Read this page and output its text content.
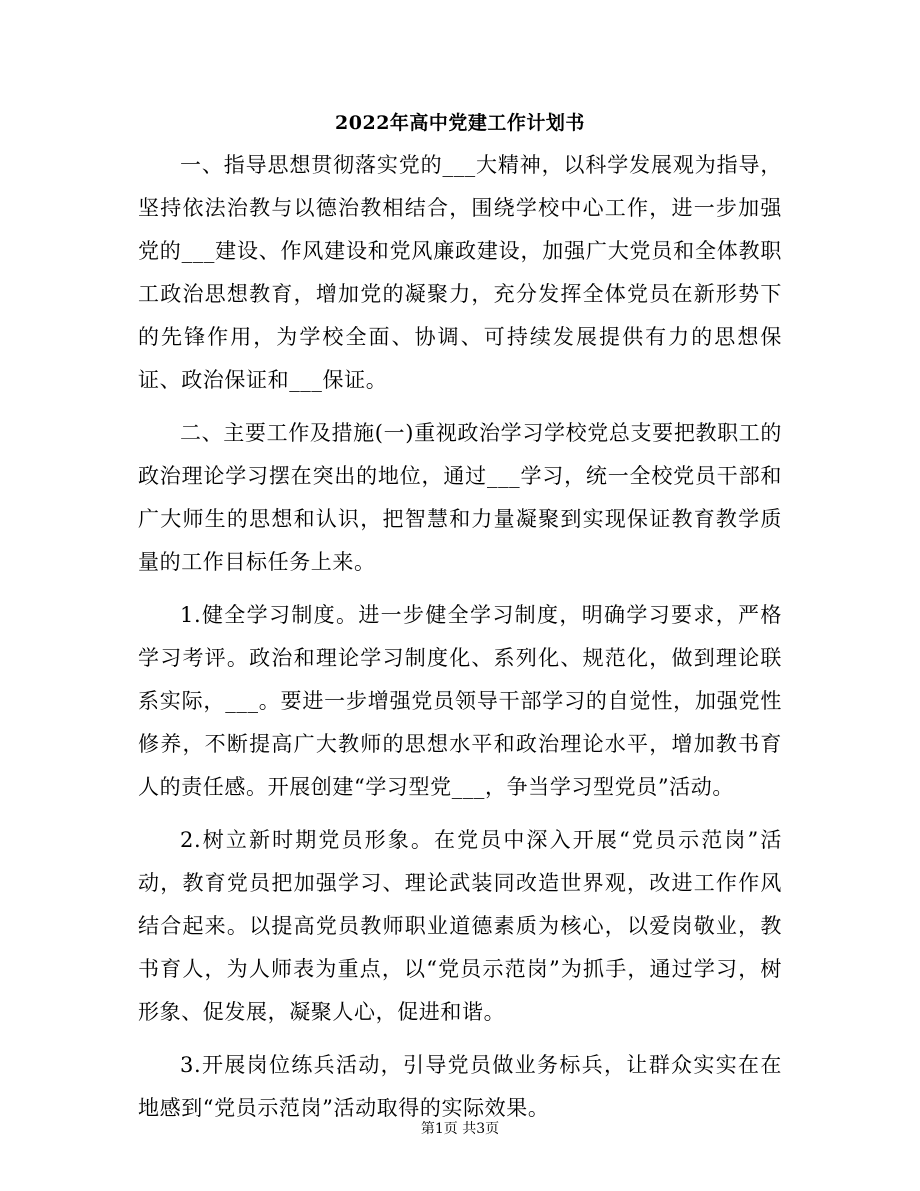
2022年高中党建工作计划书

一、指导思想贯彻落实党的___大精神，以科学发展观为指导，坚持依法治教与以德治教相结合，围绕学校中心工作，进一步加强党的___建设、作风建设和党风廉政建设，加强广大党员和全体教职工政治思想教育，增加党的凝聚力，充分发挥全体党员在新形势下的先锋作用，为学校全面、协调、可持续发展提供有力的思想保证、政治保证和___保证。

二、主要工作及措施(一)重视政治学习学校党总支要把教职工的政治理论学习摆在突出的地位，通过___学习，统一全校党员干部和广大师生的思想和认识，把智慧和力量凝聚到实现保证教育教学质量的工作目标任务上来。

1.健全学习制度。进一步健全学习制度，明确学习要求，严格学习考评。政治和理论学习制度化、系列化、规范化，做到理论联系实际，___。要进一步增强党员领导干部学习的自觉性，加强党性修养，不断提高广大教师的思想水平和政治理论水平，增加教书育人的责任感。开展创建“学习型党___，争当学习型党员”活动。

2.树立新时期党员形象。在党员中深入开展“党员示范岗”活动，教育党员把加强学习、理论武装同改造世界观，改进工作作风结合起来。以提高党员教师职业道德素质为核心，以爱岗敬业，教书育人，为人师表为重点，以“党员示范岗”为抓手，通过学习，树形象、促发展，凝聚人心，促进和谐。

3.开展岗位练兵活动，引导党员做业务标兵，让群众实实在在地感到“党员示范岗”活动取得的实际效果。

第1页 共3页
